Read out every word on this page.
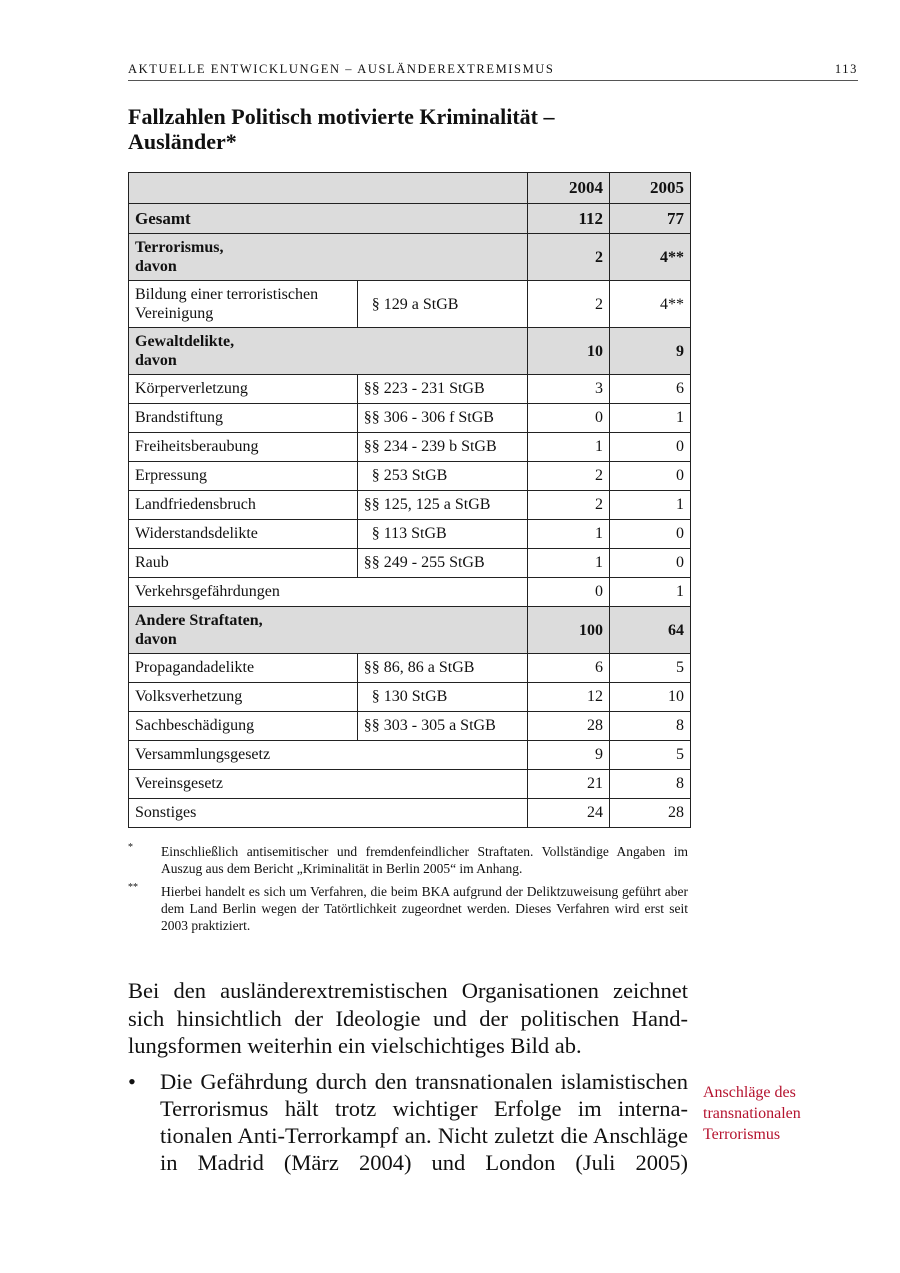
AKTUELLE ENTWICKLUNGEN – AUSLÄNDEREXTREMISMUS	113
Fallzahlen Politisch motivierte Kriminalität –
Ausländer*
		2004	2005
Gesamt		112	77
Terrorismus,
davon		2	4**
Bildung einer terroristischen
Vereinigung	§ 129 a StGB	2	4**
Gewaltdelikte,
davon		10	9
Körperverletzung	§§ 223 - 231 StGB	3	6
Brandstiftung	§§ 306 - 306 f StGB	0	1
Freiheitsberaubung	§§ 234 - 239 b StGB	1	0
Erpressung	§ 253 StGB	2	0
Landfriedensbruch	§§ 125, 125 a StGB	2	1
Widerstandsdelikte	§ 113 StGB	1	0
Raub	§§ 249 - 255 StGB	1	0
Verkehrsgefährdungen		0	1
Andere Straftaten,
davon		100	64
Propagandadelikte	§§ 86, 86 a StGB	6	5
Volksverhetzung	§ 130 StGB	12	10
Sachbeschädigung	§§ 303 - 305 a StGB	28	8
Versammlungsgesetz		9	5
Vereinsgesetz		21	8
Sonstiges		24	28
* Einschließlich antisemitischer und fremdenfeindlicher Straftaten. Vollständige Angaben im Auszug aus dem Bericht „Kriminalität in Berlin 2005“ im Anhang.
** Hierbei handelt es sich um Verfahren, die beim BKA aufgrund der Deliktzuweisung geführt aber dem Land Berlin wegen der Tatörtlichkeit zugeordnet werden. Dieses Verfahren wird erst seit 2003 praktiziert.

Bei den ausländerextremistischen Organisationen zeichnet sich hinsichtlich der Ideologie und der politischen Handlungsformen weiterhin ein vielschichtiges Bild ab.

• Die Gefährdung durch den transnationalen islamistischen Terrorismus hält trotz wichtiger Erfolge im internationalen Anti-Terrorkampf an. Nicht zuletzt die Anschläge in Madrid (März 2004) und London (Juli 2005)
Anschläge des transnationalen Terrorismus
